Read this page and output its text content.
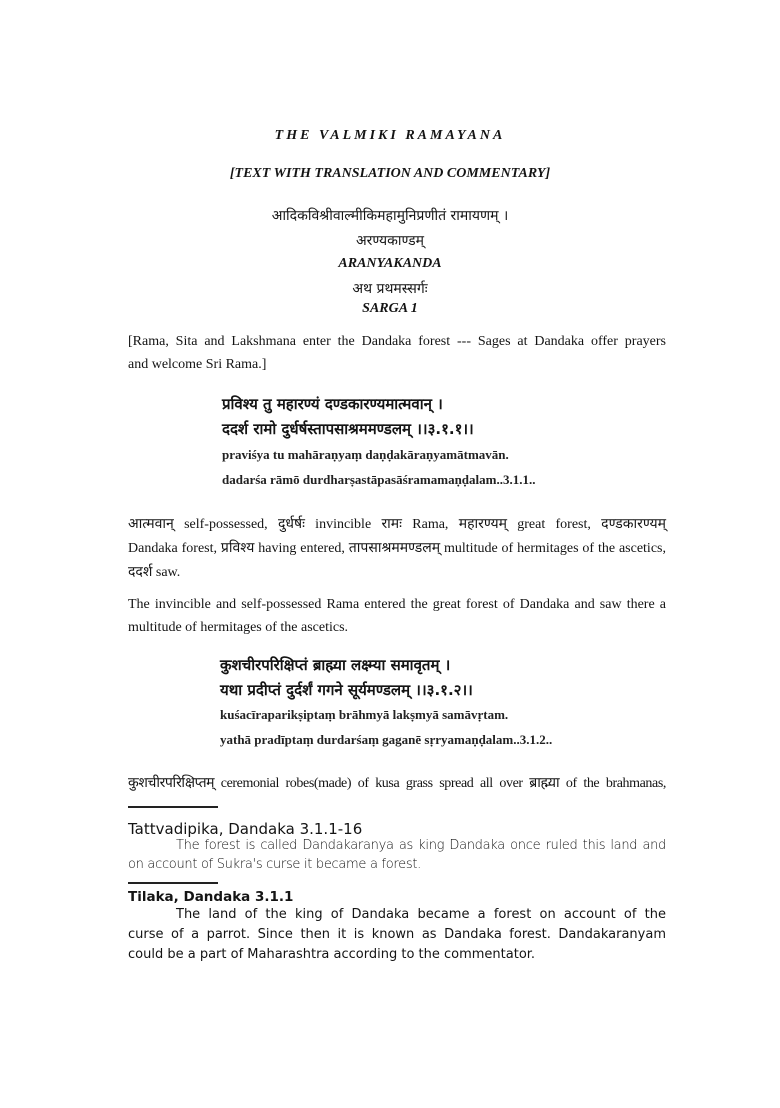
THE VALMIKI RAMAYANA
[TEXT WITH TRANSLATION AND COMMENTARY]
आदिकविश्रीवाल्मीकिमहामुनिप्रणीतं रामायणम् ।
अरण्यकाण्डम्
ARANYAKANDA
अथ प्रथमस्सर्गः
SARGA 1
[Rama, Sita and Lakshmana enter the Dandaka forest --- Sages at Dandaka offer prayers
and welcome Sri Rama.]
प्रविश्य तु महारण्यं दण्डकारण्यमात्मवान् ।
ददर्श रामो दुर्धर्षस्तापसाश्रममण्डलम् ।।३.१.१।।
praviśya tu mahāraṇyaṃ daṇḍakāraṇyamātmavān.
dadarśa rāmō durdharṣastāpasāśramamaṇḍalam..3.1.1..
आत्मवान् self-possessed, दुर्धर्षः invincible रामः Rama, महारण्यम् great forest, दण्डकारण्यम्
Dandaka forest, प्रविश्य having entered, तापसाश्रममण्डलम् multitude of hermitages of the ascetics,
ददर्श saw.
The invincible and self-possessed Rama entered the great forest of Dandaka and saw there a
multitude of hermitages of the ascetics.
कुशचीरपरिक्षिप्तं ब्राह्म्या लक्ष्म्या समावृतम् ।
यथा प्रदीप्तं दुर्दर्शं गगने सूर्यमण्डलम् ।।३.१.२।।
kuśacīraparikṣiptaṃ brāhmyā lakṣmyā samāvṛtam.
yathā pradīptaṃ durdarśaṃ gaganē sṛryamaṇḍalam..3.1.2..
कुशचीरपरिक्षिप्तम् ceremonial robes(made) of kusa grass spread all over ब्राह्म्या of the brahmanas,
Tattvadipika, Dandaka 3.1.1-16
The forest is called Dandakaranya as king Dandaka once ruled this land and
on account of Sukra's curse it became a forest.
Tilaka, Dandaka 3.1.1
The land of the king of Dandaka became a forest on account of the
curse of a parrot. Since then it is known as Dandaka forest. Dandakaranyam
could be a part of Maharashtra according to the commentator.
